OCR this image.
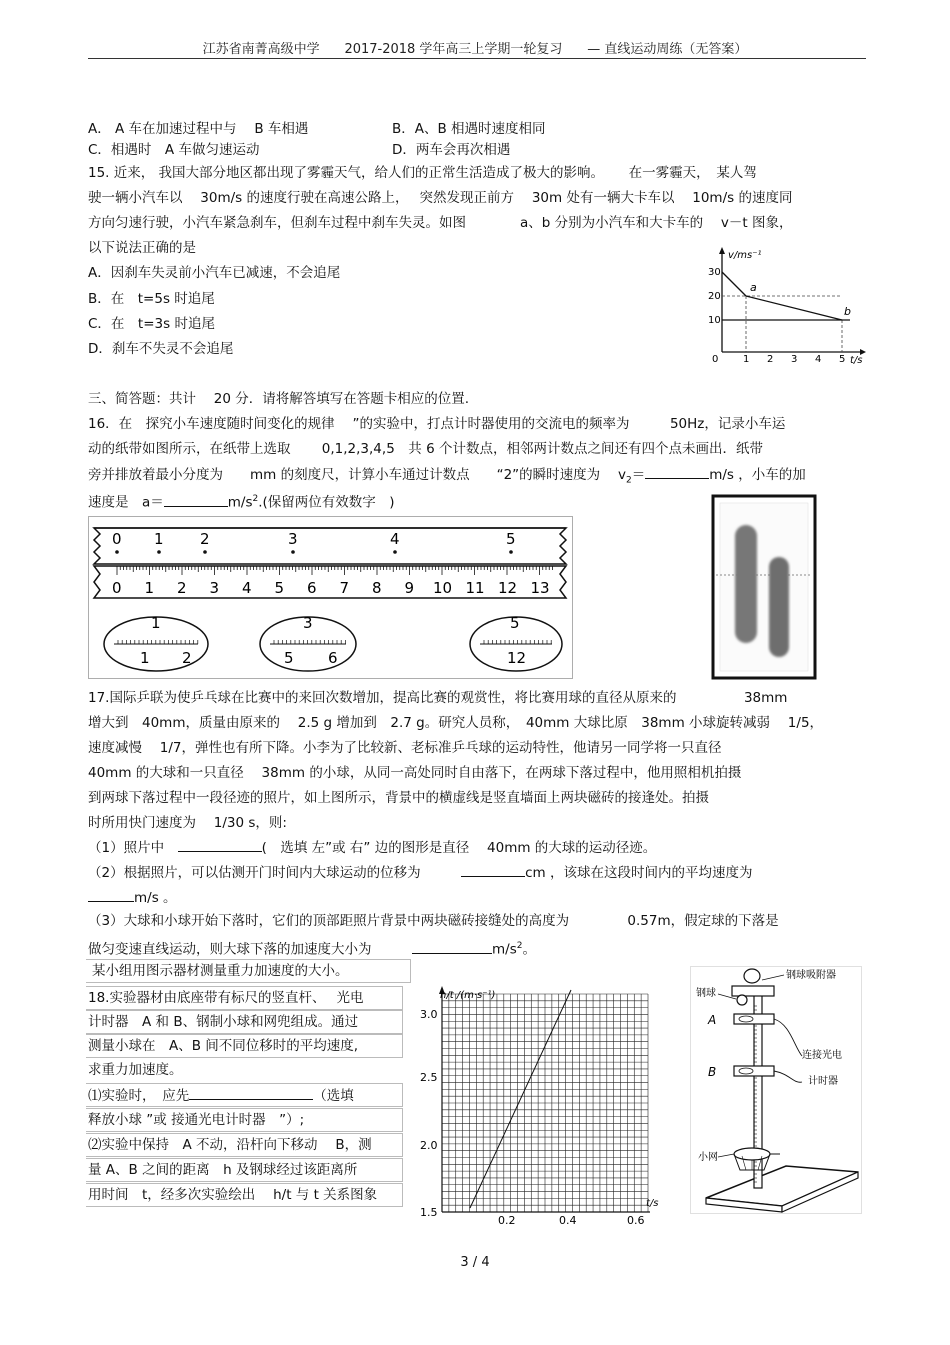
江苏省南菁高级中学 2017-2018 学年高三上学期一轮复习 — 直线运动周练（无答案）
A． A 车在加速过程中与　 B 车相遇	B．A、B 相遇时速度相同
C．相遇时　A 车做匀速运动	D．两车会再次相遇
15. 近来， 我国大部分地区都出现了雾霾天气，给人们的正常生活造成了极大的影响。　　 在一雾霾天，　某人驾
驶一辆小汽车以　 30m/s 的速度行驶在高速公路上，　 突然发现正前方　 30m 处有一辆大卡车以　 10m/s 的速度同
方向匀速行驶，小汽车紧急刹车，但刹车过程中刹车失灵。如图　　　　a、b 分别为小汽车和大卡车的　 v－t 图象，
以下说法正确的是
A．因刹车失灵前小汽车已减速，不会追尾
B．在　t=5s 时追尾
C．在　t=3s 时追尾
D．刹车不失灵不会追尾
v/ms⁻¹
t/s
30
20
10
0 1 2 3 4 5
a
b
三、简答题：共计　 20 分．请将解答填写在答题卡相应的位置.
16．在　探究小车速度随时间变化的规律　 ”的实验中，打点计时器使用的交流电的频率为　　　50Hz，记录小车运
动的纸带如图所示，在纸带上选取　　 0,1,2,3,4,5　共 6 个计数点，相邻两计数点之间还有四个点未画出．纸带
旁并排放着最小分度为　　mm 的刻度尺，计算小车通过计数点　　“2”的瞬时速度为　 $v_2=$	m/s ，小车的加
速度是　a＝	$m/s^2$.(保留两位有效数字　)
0 1 2 3 4 5 6 7 8 9 10 11 12 13
0 1 2	3	4	5
1
1 2
3
5 6
5
12
17.国际乒联为使乒乓球在比赛中的来回次数增加，提高比赛的观赏性，将比赛用球的直径从原来的　　　　　38mm
增大到　40mm，质量由原来的　 2.5 g 增加到　2.7 g。研究人员称，　40mm 大球比原　38mm 小球旋转减弱　 1/5，
速度减慢　 1/7，弹性也有所下降。小李为了比较新、老标准乒乓球的运动特性，他请另一同学将一只直径
40mm 的大球和一只直径　 38mm 的小球，从同一高处同时自由落下，在两球下落过程中，他用照相机拍摄
到两球下落过程中一段径迹的照片，如上图所示，背景中的横虚线是竖直墙面上两块磁砖的接逢处。拍摄
时所用快门速度为　 1/30 s，则:
（1）照片中　	(　选填 左”或 右” 边的图形是直径　 40mm 的大球的运动径迹。
（2）根据照片，可以估测开门时间内大球运动的位移为　　　	cm ，该球在这段时间内的平均速度为
m/s 。
（3）大球和小球开始下落时，它们的顶部距照片背景中两块磁砖接缝处的高度为　　　　 0.57m，假定球的下落是
做匀变速直线运动，则大球下落的加速度大小为　　　	$m/s^2$。
某小组用图示器材测量重力加速度的大小。
18.实验器材由底座带有标尺的竖直杆、　 光电
计时器　A 和 B、钢制小球和网兜组成。通过
测量小球在　A、B 间不同位移时的平均速度,
求重力加速度。
⑴实验时，　应先	（选填
释放小球 ”或 接通光电计时器　”）;
⑵实验中保持　A 不动，沿杆向下移动　 B，测
量 A、B 之间的距离　h 及钢球经过该距离所
用时间　t，经多次实验绘出　 h/t 与 t 关系图象
h/t /(m·s⁻¹)
t/s
3.0
2.5
2.0
1.5
0.2	0.4	0.6
钢球吸附器
钢球
A
B
连接光电
计时器
小网
3 / 4
